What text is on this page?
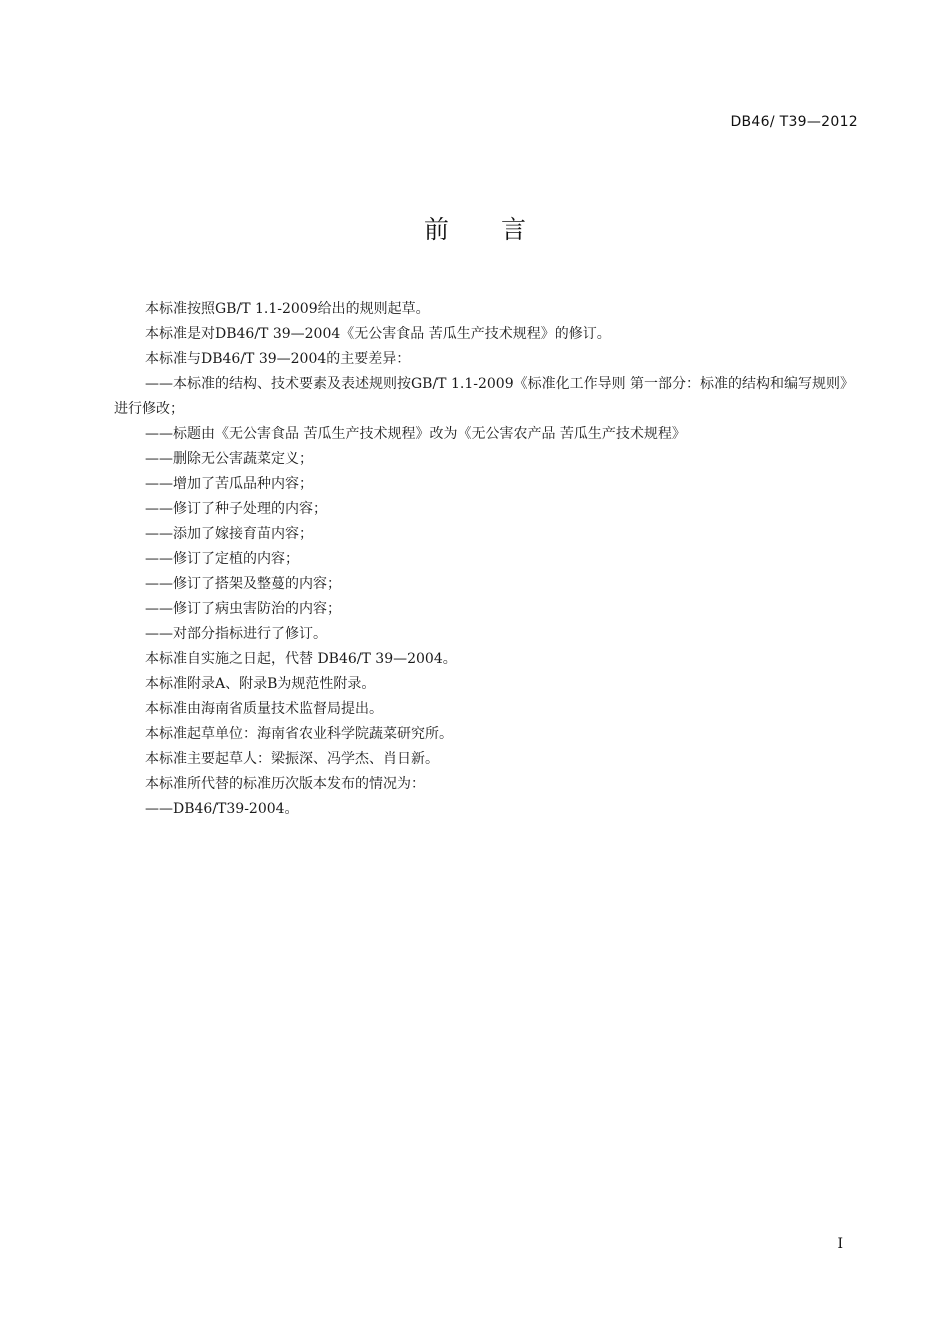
DB46/ T39—2012
前言

本标准按照GB/T 1.1-2009给出的规则起草。

本标准是对DB46/T 39—2004《无公害食品 苦瓜生产技术规程》的修订。

本标准与DB46/T 39—2004的主要差异：

——本标准的结构、技术要素及表述规则按GB/T 1.1-2009《标准化工作导则 第一部分：标准的结构和编写规则》进行修改；

——标题由《无公害食品 苦瓜生产技术规程》改为《无公害农产品 苦瓜生产技术规程》

——删除无公害蔬菜定义；

——增加了苦瓜品种内容；

——修订了种子处理的内容；

——添加了嫁接育苗内容；

——修订了定植的内容；

——修订了搭架及整蔓的内容；

——修订了病虫害防治的内容；

——对部分指标进行了修订。

本标准自实施之日起，代替 DB46/T 39—2004。

本标准附录A、附录B为规范性附录。

本标准由海南省质量技术监督局提出。

本标准起草单位：海南省农业科学院蔬菜研究所。

本标准主要起草人：梁振深、冯学杰、肖日新。

本标准所代替的标准历次版本发布的情况为：

——DB46/T39-2004。

I
